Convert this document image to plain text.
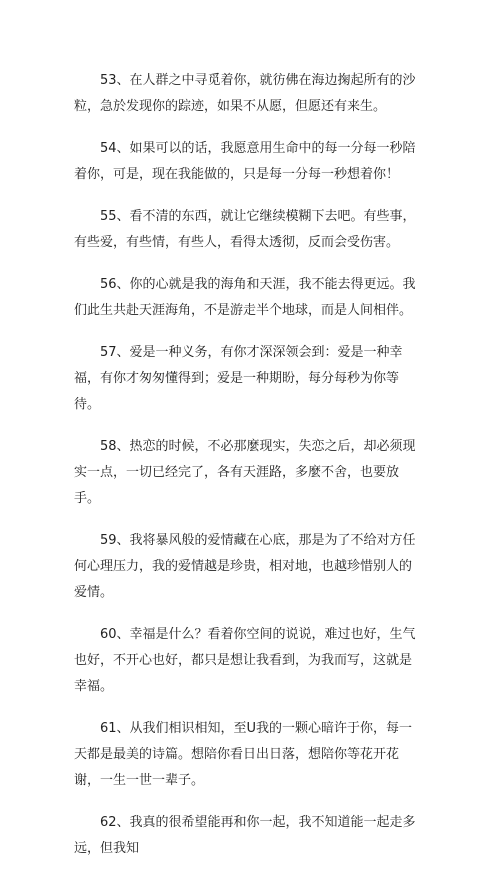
53、在人群之中寻觅着你，就彷佛在海边掬起所有的沙粒，急於发现你的踪迹，如果不从愿，但愿还有来生。

54、如果可以的话，我愿意用生命中的每一分每一秒陪着你，可是，现在我能做的，只是每一分每一秒想着你！

55、看不清的东西，就让它继续模糊下去吧。有些事，有些爱，有些情，有些人，看得太透彻，反而会受伤害。

56、你的心就是我的海角和天涯，我不能去得更远。我们此生共赴天涯海角，不是游走半个地球，而是人间相伴。

57、爱是一种义务，有你才深深领会到：爱是一种幸福，有你才匆匆懂得到；爱是一种期盼，每分每秒为你等待。

58、热恋的时候，不必那麼现实，失恋之后，却必须现实一点，一切已经完了，各有天涯路，多麼不舍，也要放手。

59、我将暴风般的爱情藏在心底，那是为了不给对方任何心理压力，我的爱情越是珍贵，相对地，也越珍惜别人的爱情。

60、幸福是什么？看着你空间的说说，难过也好，生气也好，不开心也好，都只是想让我看到，为我而写，这就是幸福。

61、从我们相识相知，至U我的一颗心暗许于你，每一天都是最美的诗篇。想陪你看日出日落，想陪你等花开花谢，一生一世一辈子。

62、我真的很希望能再和你一起，我不知道能一起走多远，但我知
